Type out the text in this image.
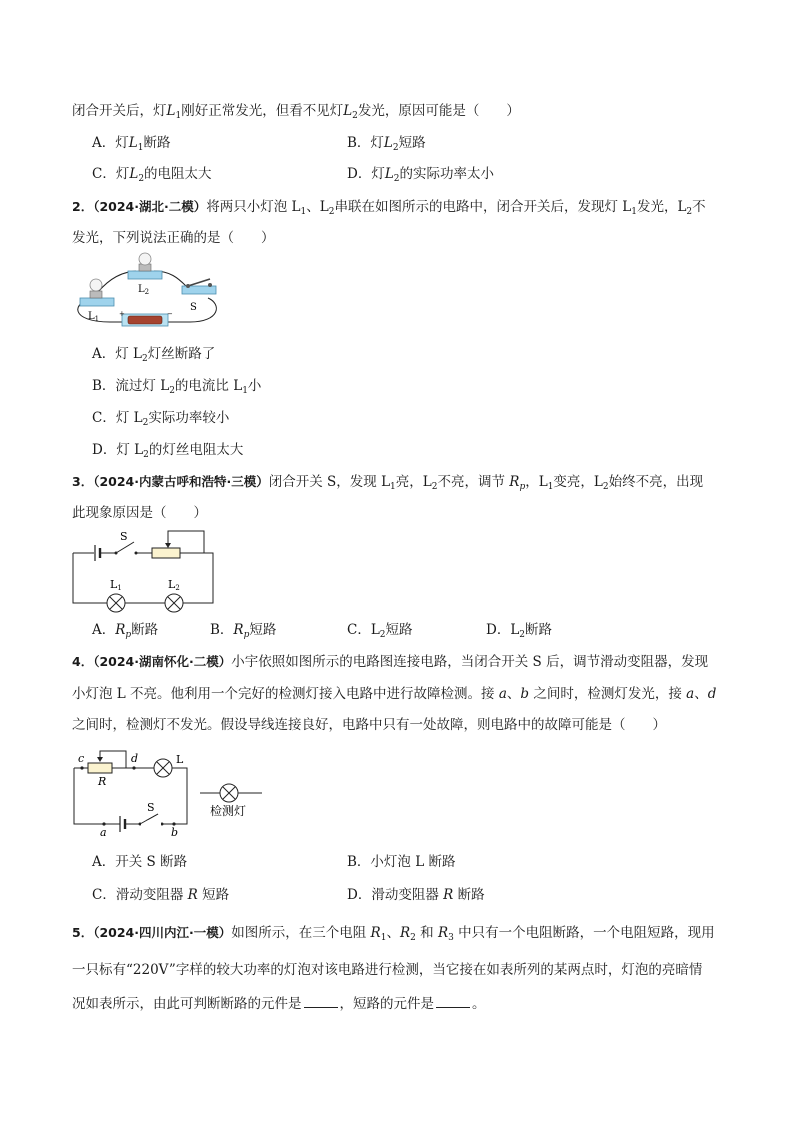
闭合开关后，灯$L_1$刚好正常发光，但看不见灯$L_2$发光，原因可能是（　　）
A．灯$L_1$断路	B．灯$L_2$短路
C．灯$L_2$的电阻太大	D．灯$L_2$的实际功率太小
2．（2024·湖北·二模）将两只小灯泡 $L_1$、$L_2$串联在如图所示的电路中，闭合开关后，发现灯 $L_1$发光，$L_2$不
发光，下列说法正确的是（　　）
$L_1$
$L_2$
S
+	−
A．灯 $L_2$灯丝断路了
B．流过灯 $L_2$的电流比 $L_1$小
C．灯 $L_2$实际功率较小
D．灯 $L_2$的灯丝电阻太大
3．（2024·内蒙古呼和浩特·三模）闭合开关 S，发现 $L_1$亮，$L_2$不亮，调节 $R_p$，$L_1$变亮，$L_2$始终不亮，出现
此现象原因是（　　）
S
L1	L2
A．$R_p$断路	B．$R_p$短路	C．$L_2$短路	D．$L_2$断路
4．（2024·湖南怀化·二模）小宇依照如图所示的电路图连接电路，当闭合开关 S 后，调节滑动变阻器，发现
小灯泡 L 不亮。他利用一个完好的检测灯接入电路中进行故障检测。接 a、b 之间时，检测灯发光，接 a、d
之间时，检测灯不发光。假设导线连接良好，电路中只有一处故障，则电路中的故障可能是（　　）
c
R
d	L
a
S
b
检测灯
A．开关 S 断路	B．小灯泡 L 断路
C．滑动变阻器 R 短路	D．滑动变阻器 R 断路
5．（2024·四川内江·一模）如图所示，在三个电阻 $R_1$、$R_2$ 和 $R_3$ 中只有一个电阻断路，一个电阻短路，现用
一只标有“220V”字样的较大功率的灯泡对该电路进行检测，当它接在如表所列的某两点时，灯泡的亮暗情
况如表所示，由此可判断断路的元件是	，短路的元件是	。
